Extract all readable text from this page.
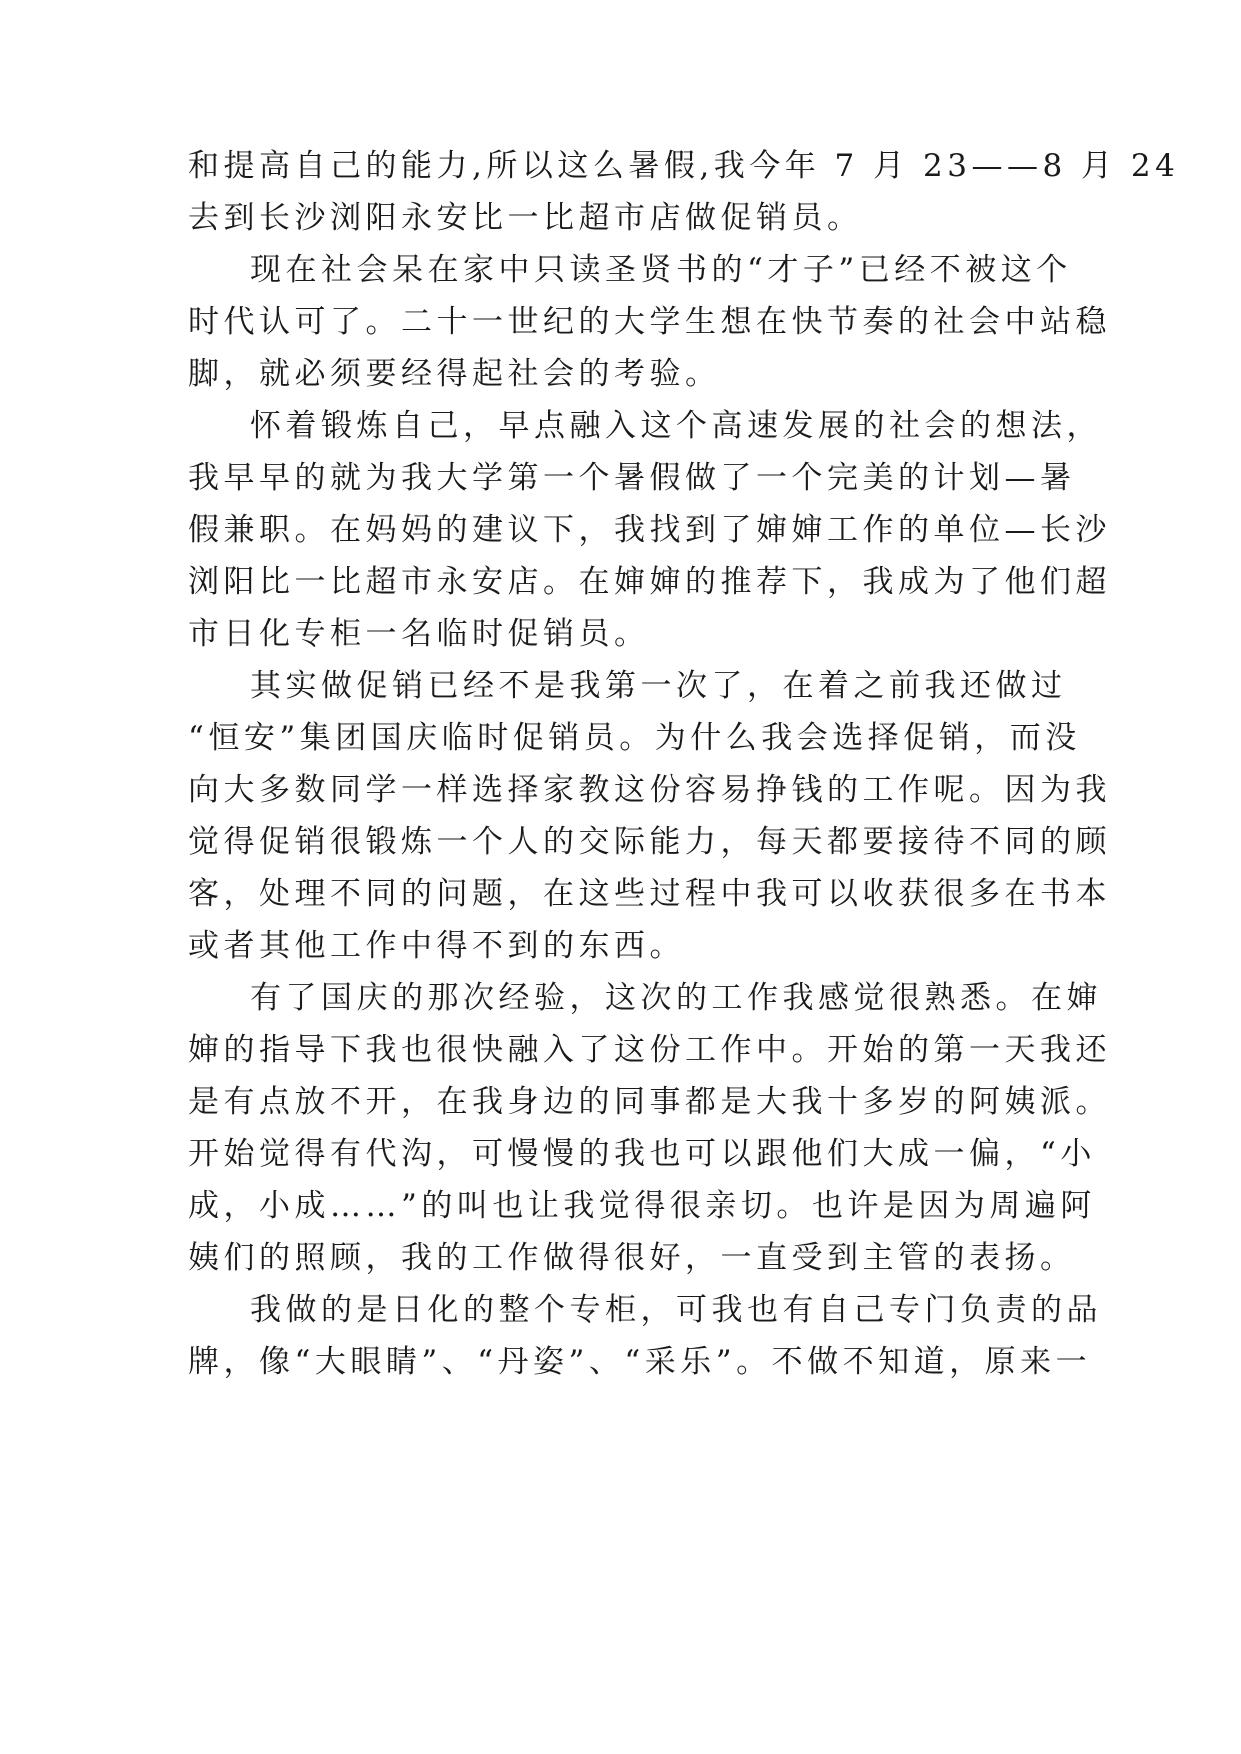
和提高自己的能力,所以这么暑假,我今年 7 月 23——8 月 24

去到长沙浏阳永安比一比超市店做促销员。

现在社会呆在家中只读圣贤书的“才子”已经不被这个

时代认可了。二十一世纪的大学生想在快节奏的社会中站稳

脚，就必须要经得起社会的考验。

怀着锻炼自己，早点融入这个高速发展的社会的想法，

我早早的就为我大学第一个暑假做了一个完美的计划—暑

假兼职。在妈妈的建议下，我找到了婶婶工作的单位—长沙

浏阳比一比超市永安店。在婶婶的推荐下，我成为了他们超

市日化专柜一名临时促销员。

其实做促销已经不是我第一次了，在着之前我还做过

“恒安”集团国庆临时促销员。为什么我会选择促销，而没

向大多数同学一样选择家教这份容易挣钱的工作呢。因为我

觉得促销很锻炼一个人的交际能力，每天都要接待不同的顾

客，处理不同的问题，在这些过程中我可以收获很多在书本

或者其他工作中得不到的东西。

有了国庆的那次经验，这次的工作我感觉很熟悉。在婶

婶的指导下我也很快融入了这份工作中。开始的第一天我还

是有点放不开，在我身边的同事都是大我十多岁的阿姨派。

开始觉得有代沟，可慢慢的我也可以跟他们大成一偏，“小

成，小成……”的叫也让我觉得很亲切。也许是因为周遍阿

姨们的照顾，我的工作做得很好，一直受到主管的表扬。

我做的是日化的整个专柜，可我也有自己专门负责的品

牌，像“大眼睛”、“丹姿”、“采乐”。不做不知道，原来一
